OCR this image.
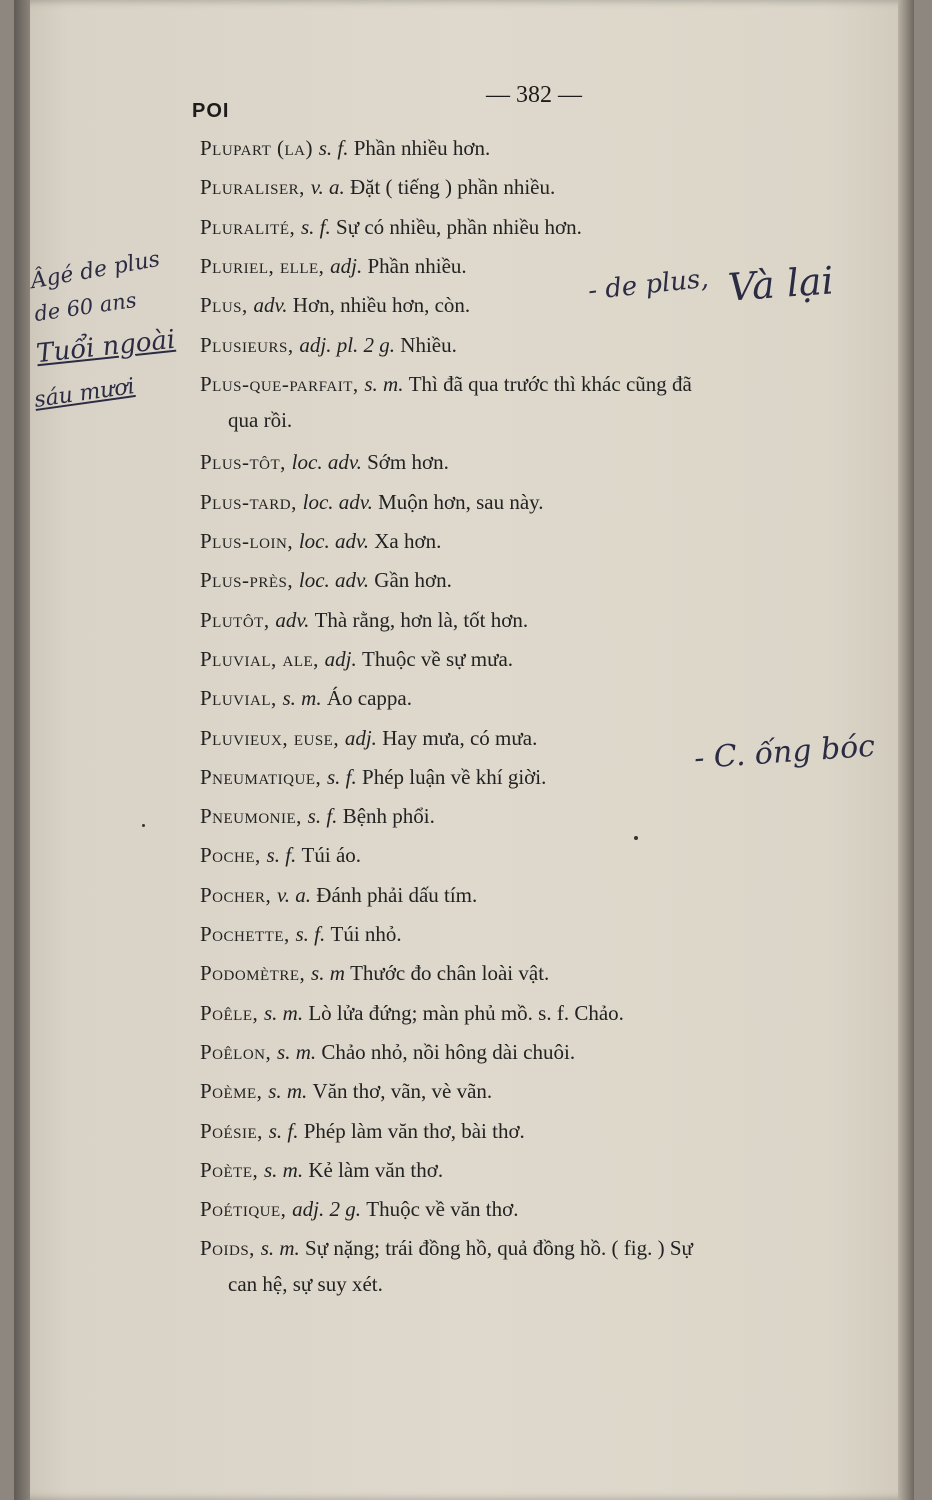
POI
— 382 —
Plupart (la) s. f. Phần nhiều hơn.
Pluraliser, v. a. Đặt ( tiếng ) phần nhiều.
Pluralité, s. f. Sự có nhiều, phần nhiều hơn.
Pluriel, elle, adj. Phần nhiều.
Plus, adv. Hơn, nhiều hơn, còn.
Plusieurs, adj. pl. 2 g. Nhiều.
Plus-que-parfait, s. m. Thì đã qua trước thì khác cũng đã
qua rồi.
Plus-tôt, loc. adv. Sớm hơn.
Plus-tard, loc. adv. Muộn hơn, sau này.
Plus-loin, loc. adv. Xa hơn.
Plus-près, loc. adv. Gần hơn.
Plutôt, adv. Thà rằng, hơn là, tốt hơn.
Pluvial, ale, adj. Thuộc về sự mưa.
Pluvial, s. m. Áo cappa.
Pluvieux, euse, adj. Hay mưa, có mưa.
Pneumatique, s. f. Phép luận về khí giời.
Pneumonie, s. f. Bệnh phổi.
Poche, s. f. Túi áo.
Pocher, v. a. Đánh phải dấu tím.
Pochette, s. f. Túi nhỏ.
Podomètre, s. m Thước đo chân loài vật.
Poêle, s. m. Lò lửa đứng; màn phủ mồ. s. f. Chảo.
Poêlon, s. m. Chảo nhỏ, nồi hông dài chuôi.
Poème, s. m. Văn thơ, vãn, vè vãn.
Poésie, s. f. Phép làm văn thơ, bài thơ.
Poète, s. m. Kẻ làm văn thơ.
Poétique, adj. 2 g. Thuộc về văn thơ.
Poids, s. m. Sự nặng; trái đồng hồ, quả đồng hồ. ( fig. ) Sự
can hệ, sự suy xét.
Âgé de plus
de 60 ans
Tuổi ngoài
sáu mươi
- de plus, Và lại
- C. ống bóc
